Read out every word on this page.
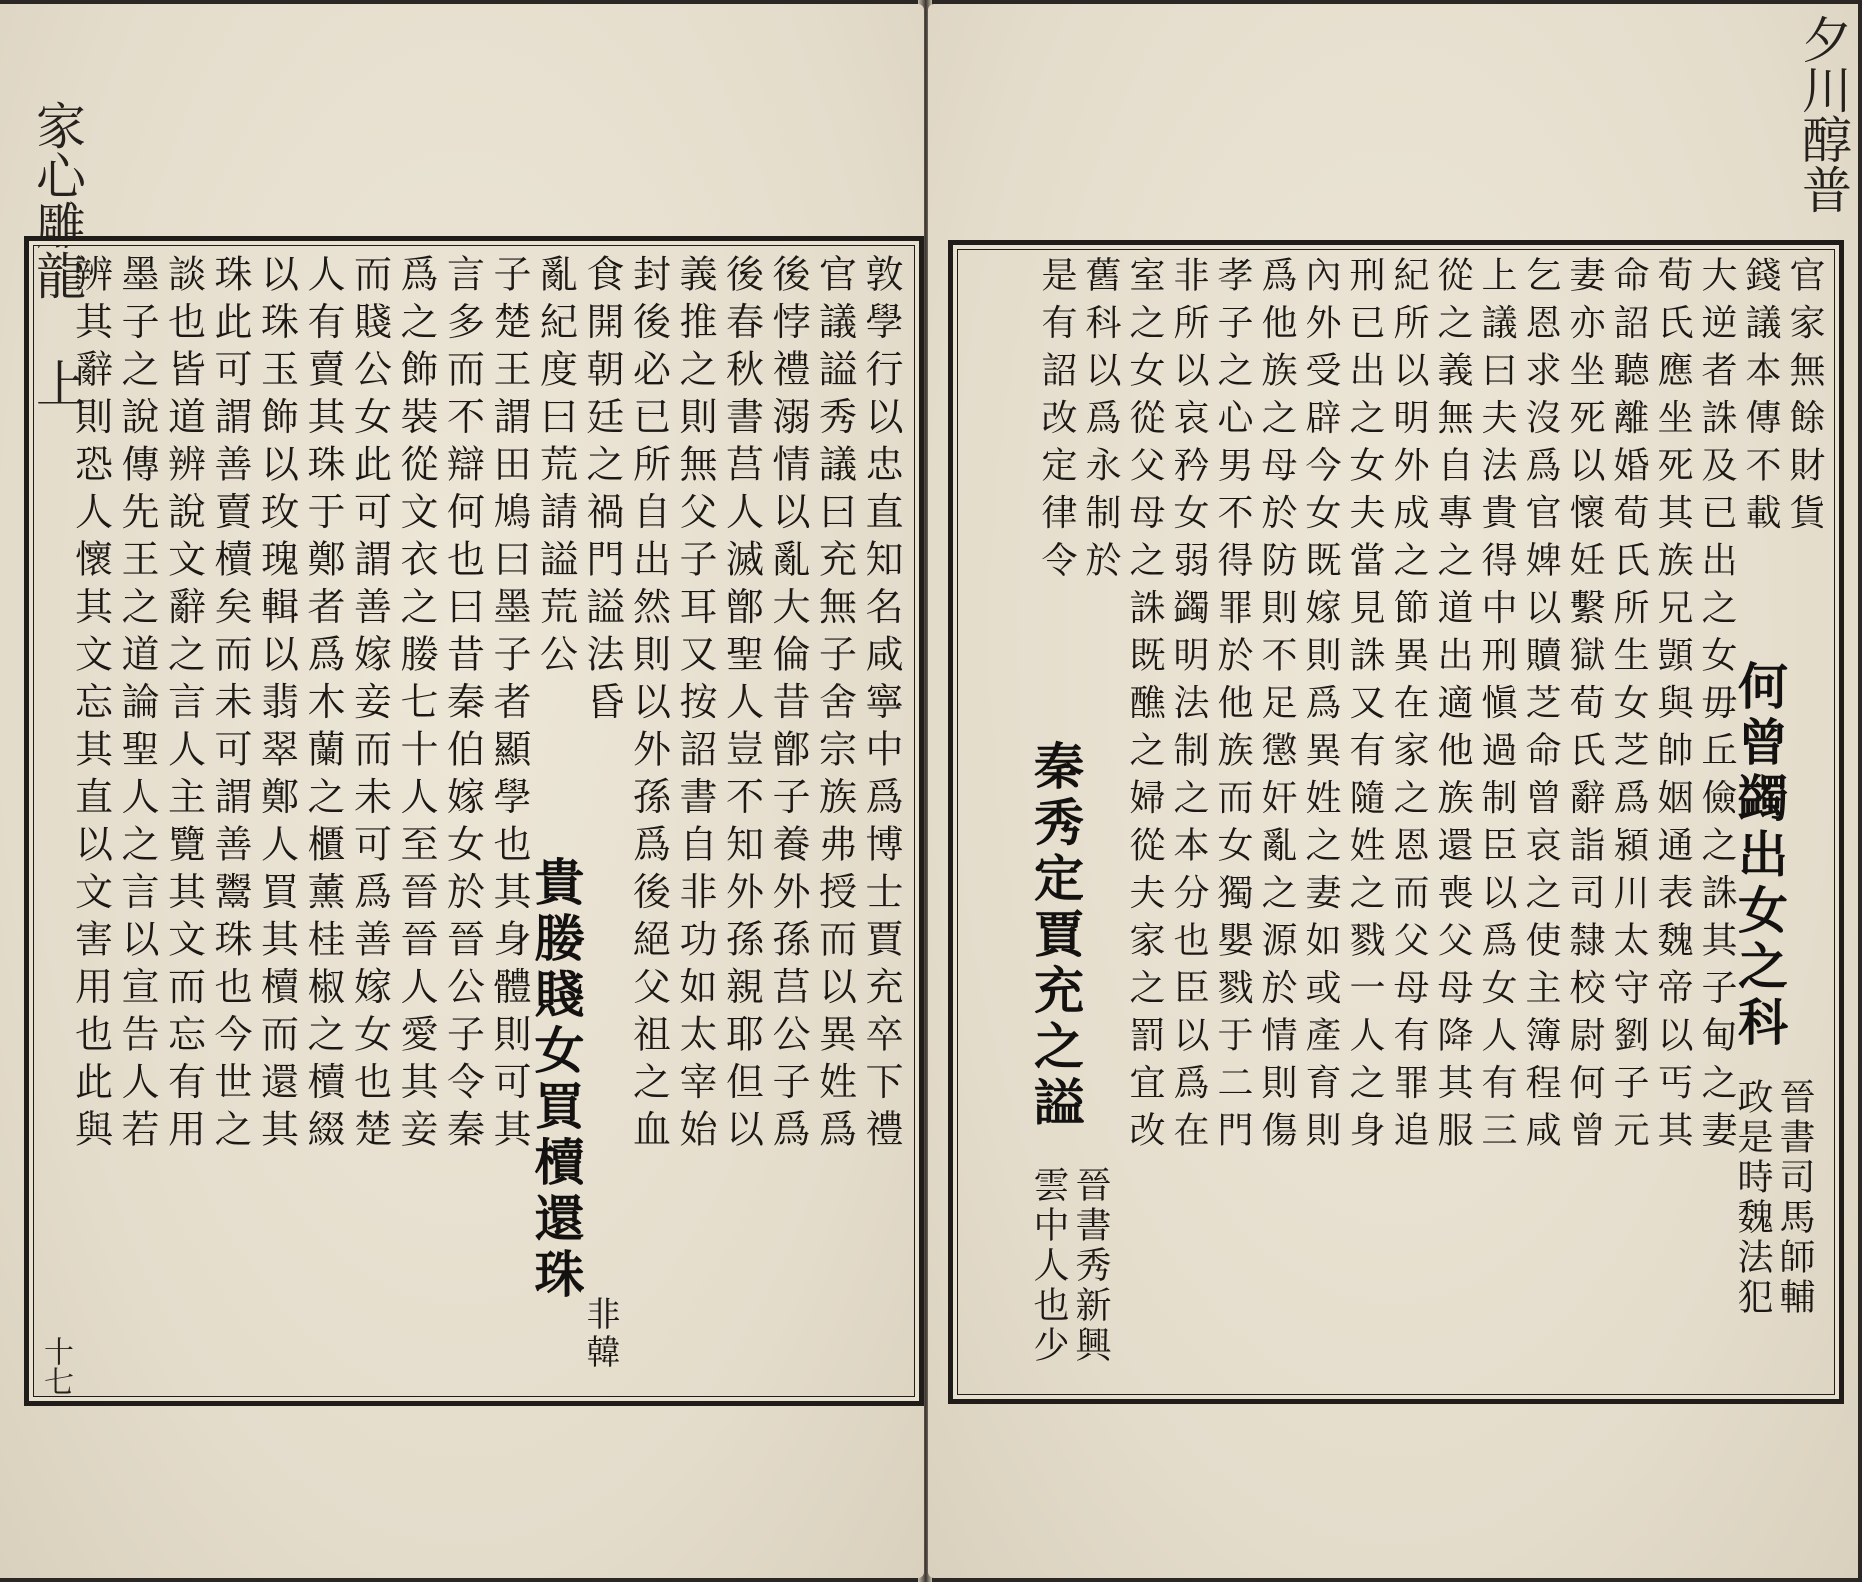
家心雕龍 上	敦學行以忠直知名咸寧中爲博士賈充卒下禮
官議謚秀議曰充無子舍宗族弗授而以異姓爲
後悖禮溺情以亂大倫昔鄫子養外孫莒公子爲
後春秋書莒人滅鄫聖人豈不知外孫親耶但以
義推之則無父子耳又按詔書自非功如太宰始
封後必已所自出然則以外孫爲後絕父祖之血
食開朝廷之禍門謚法昏
亂紀度曰荒請謚荒公
貴媵賤女買櫝還珠
非韓
子楚王謂田鳩曰墨子者顯學也其身體則可其
言多而不辯何也曰昔秦伯嫁女於晉公子令秦
爲之飾裝從文衣之媵七十人至晉晉人愛其妾
而賤公女此可謂善嫁妾而未可爲善嫁女也楚
人有賣其珠于鄭者爲木蘭之櫃薰桂椒之櫝綴
以珠玉飾以玫瑰輯以翡翠鄭人買其櫝而還其
珠此可謂善賣櫝矣而未可謂善鬻珠也今世之
談也皆道辨說文辭之言人主覽其文而忘有用
墨子之說傳先王之道論聖人之言以宣告人若
辨其辭則恐人懷其文忘其直以文害用也此與
十七
夕川醇普
官家無餘財貨
錢議本傳不載
何曾蠲出女之科
晉書司馬師輔
政是時魏法犯
大逆者誅及已出之女毋丘儉之誅其子甸之妻
荀氏應坐死其族兄顗與帥姻通表魏帝以丐其
命詔聽離婚荀氏所生女芝爲潁川太守劉子元
妻亦坐死以懷妊繫獄荀氏辭詣司隸校尉何曾
乞恩求沒爲官婢以贖芝命曾哀之使主簿程咸
上議曰夫法貴得中刑愼過制臣以爲女人有三
從之義無自專之道出適他族還喪父母降其服
紀所以明外成之節異在家之恩而父母有罪追
刑已出之女夫當見誅又有隨姓之戮一人之身
內外受辟今女既嫁則爲異姓之妻如或產育則
爲他族之母於防則不足懲奸亂之源於情則傷
孝子之心男不得罪於他族而女獨嬰戮于二門
非所以哀矜女弱蠲明法制之本分也臣以爲在
室之女從父母之誅既醮之婦從夫家之罰宜改
舊科以爲永制於
是有詔改定律令
秦秀定賈充之謚
晉書秀新興
雲中人也少
